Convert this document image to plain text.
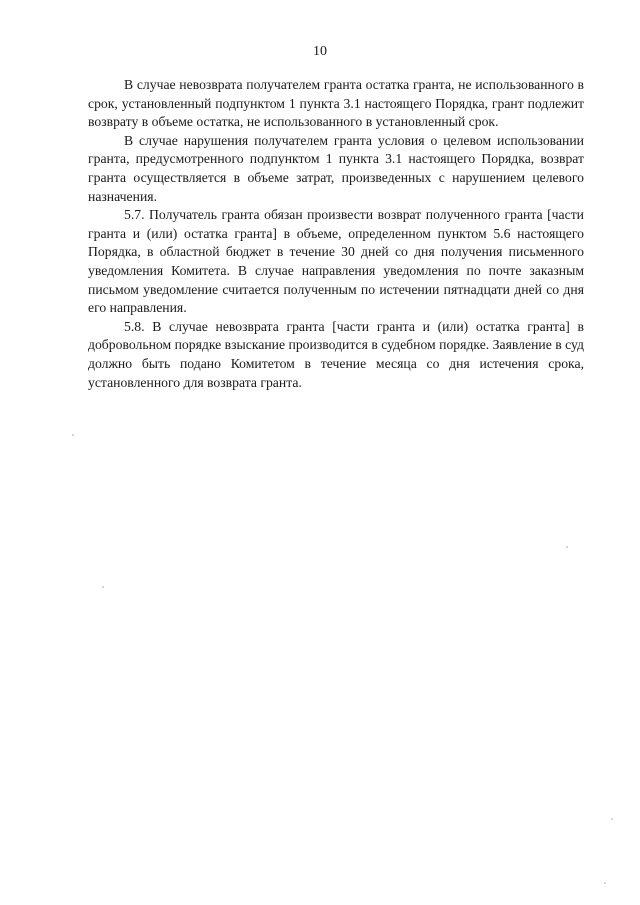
10

В случае невозврата получателем гранта остатка гранта, не использованного в срок, установленный подпунктом 1 пункта 3.1 настоящего Порядка, грант подлежит возврату в объеме остатка, не использованного в установленный срок.

В случае нарушения получателем гранта условия о целевом использовании гранта, предусмотренного подпунктом 1 пункта 3.1 настоящего Порядка, возврат гранта осуществляется в объеме затрат, произведенных с нарушением целевого назначения.

5.7. Получатель гранта обязан произвести возврат полученного гранта [части гранта и (или) остатка гранта] в объеме, определенном пунктом 5.6 настоящего Порядка, в областной бюджет в течение 30 дней со дня получения письменного уведомления Комитета. В случае направления уведомления по почте заказным письмом уведомление считается полученным по истечении пятнадцати дней со дня его направления.

5.8. В случае невозврата гранта [части гранта и (или) остатка гранта] в добровольном порядке взыскание производится в судебном порядке. Заявление в суд должно быть подано Комитетом в течение месяца со дня истечения срока, установленного для возврата гранта.
